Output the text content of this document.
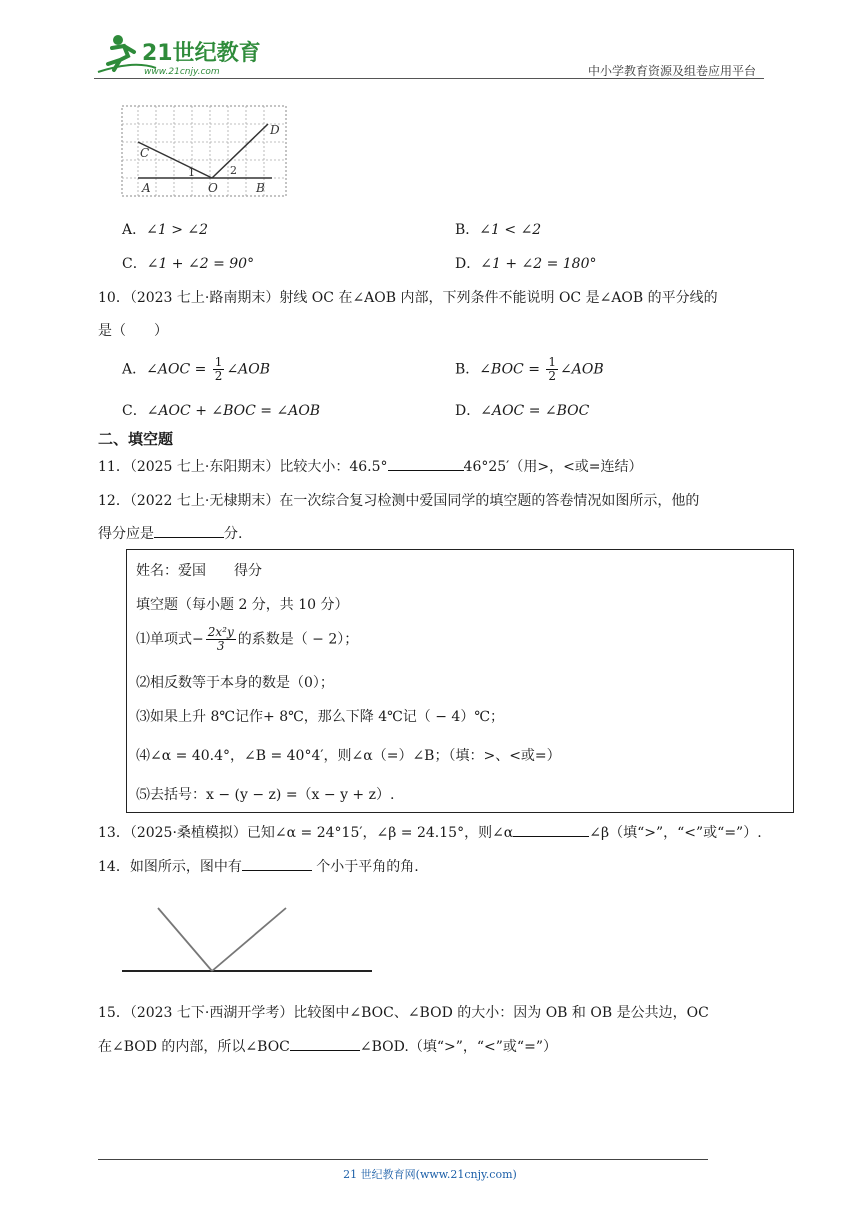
21世纪教育
www.21cnjy.com	中小学教育资源及组卷应用平台
C
D
A	O	B
1	2
A．∠1 > ∠2	B．∠1 < ∠2
C．∠1 + ∠2 = 90°	D．∠1 + ∠2 = 180°
10．（2023 七上·路南期末）射线 OC 在∠AOB 内部，下列条件不能说明 OC 是∠AOB 的平分线的
是（　　）
A．∠AOC = $\frac{1}{2}$ ∠AOB	B．∠BOC = $\frac{1}{2}$ ∠AOB
C．∠AOC + ∠BOC = ∠AOB	D．∠AOC = ∠BOC
二、填空题
11．（2025 七上·东阳期末）比较大小：46.5°	46°25′（用>，<或=连结）
12．（2022 七上·无棣期末）在一次综合复习检测中爱国同学的填空题的答卷情况如图所示，他的
得分应是	分.
姓名：爱国　　得分
填空题（每小题 2 分，共 10 分）
⑴单项式− $\frac{\text{2x²y}}{3}$ 的系数是（ − 2）；
⑵相反数等于本身的数是（0）；
⑶如果上升 8℃记作+ 8℃，那么下降 4℃记（ − 4）℃；
⑷∠α = 40.4°，∠B = 40°4′，则∠α（=）∠B；（填：>、<或=）
⑸去括号：x − (y − z) =（x − y + z）.
13．（2025·桑植模拟）已知∠α = 24°15′，∠β = 24.15°，则∠α	∠β（填“>”，“<”或“=”）.
14．如图所示，图中有	个小于平角的角.
15．（2023 七下·西湖开学考）比较图中∠BOC、∠BOD 的大小：因为 OB 和 OB 是公共边，OC
在∠BOD 的内部，所以∠BOC	∠BOD.（填“>”，“<”或“=”）
21 世纪教育网(www.21cnjy.com)
